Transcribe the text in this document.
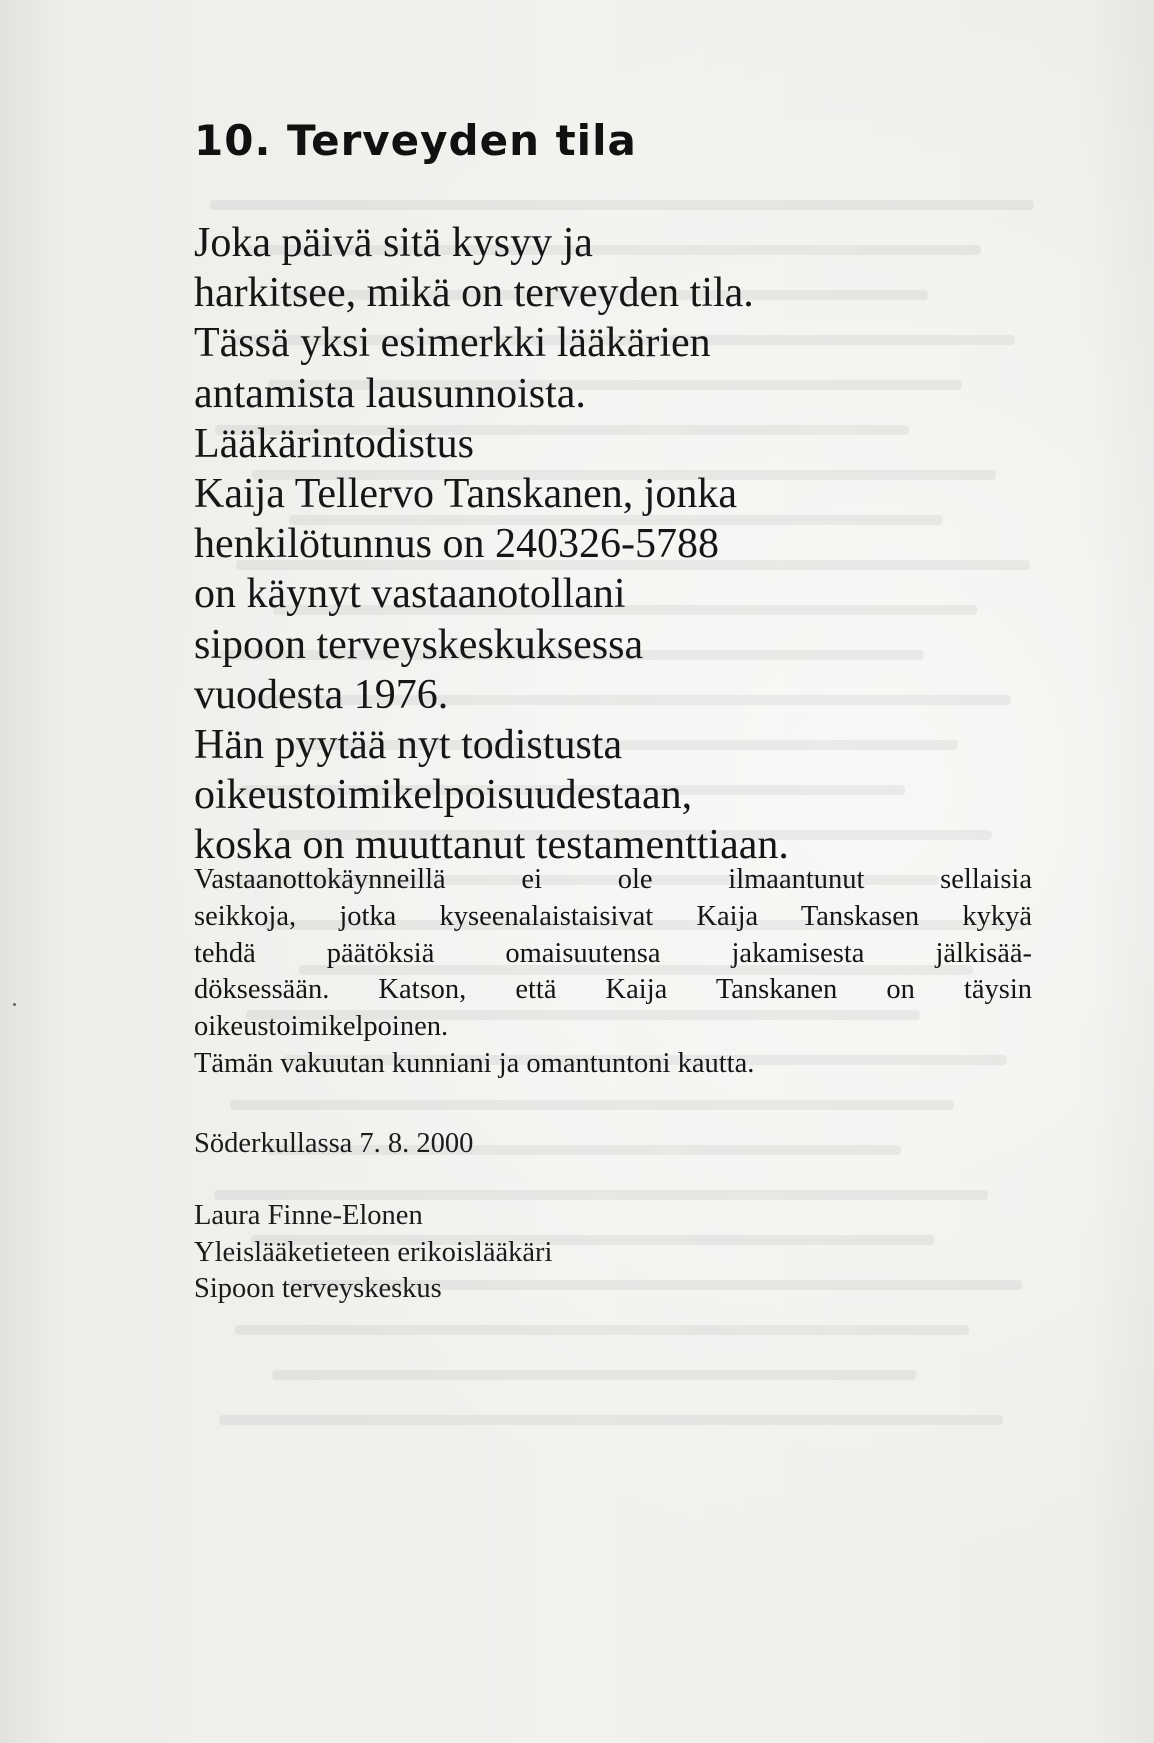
10. Terveyden tila
Joka päivä sitä kysyy ja
harkitsee, mikä on terveyden tila.
Tässä yksi esimerkki lääkärien
antamista lausunnoista.
Lääkärintodistus
Kaija Tellervo Tanskanen, jonka
henkilötunnus on 240326-5788
on käynyt vastaanotollani
sipoon terveyskeskuksessa
vuodesta 1976.
Hän pyytää nyt todistusta
oikeustoimikelpoisuudestaan,
koska on muuttanut testamenttiaan.
Vastaanottokäynneillä ei ole ilmaantunut sellaisia
seikkoja, jotka kyseenalaistaisivat Kaija Tanskasen kykyä
tehdä päätöksiä omaisuutensa jakamisesta jälkisää-
döksessään. Katson, että Kaija Tanskanen on täysin
oikeustoimikelpoinen.
Tämän vakuutan kunniani ja omantuntoni kautta.
Söderkullassa 7. 8. 2000
Laura Finne-Elonen
Yleislääketieteen erikoislääkäri
Sipoon terveyskeskus
